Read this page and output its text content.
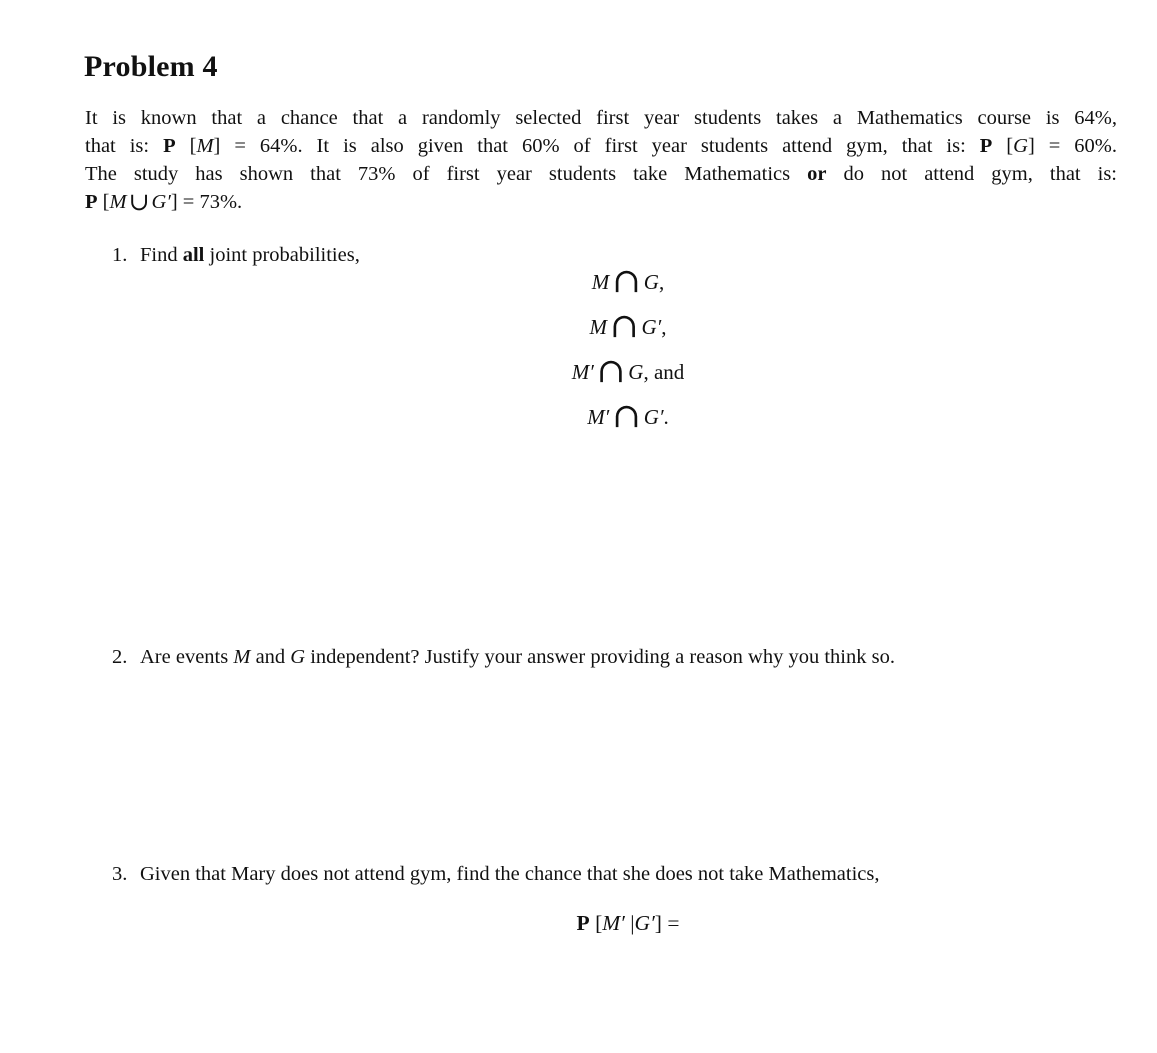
Problem 4
It is known that a chance that a randomly selected first year students takes a Mathematics course is 64%,
that is: P [M] = 64%. It is also given that 60% of first year students attend gym, that is: P [G] = 60%.
The study has shown that 73% of first year students take Mathematics or do not attend gym, that is:
P [M∪G′] = 73%.
1. Find all joint probabilities,
M∩ G,
M∩ G′,
M′∩ G, and
M′∩ G′.
2. Are events M and G independent? Justify your answer providing a reason why you think so.
3. Given that Mary does not attend gym, find the chance that she does not take Mathematics,
P [M′ |G′] =
